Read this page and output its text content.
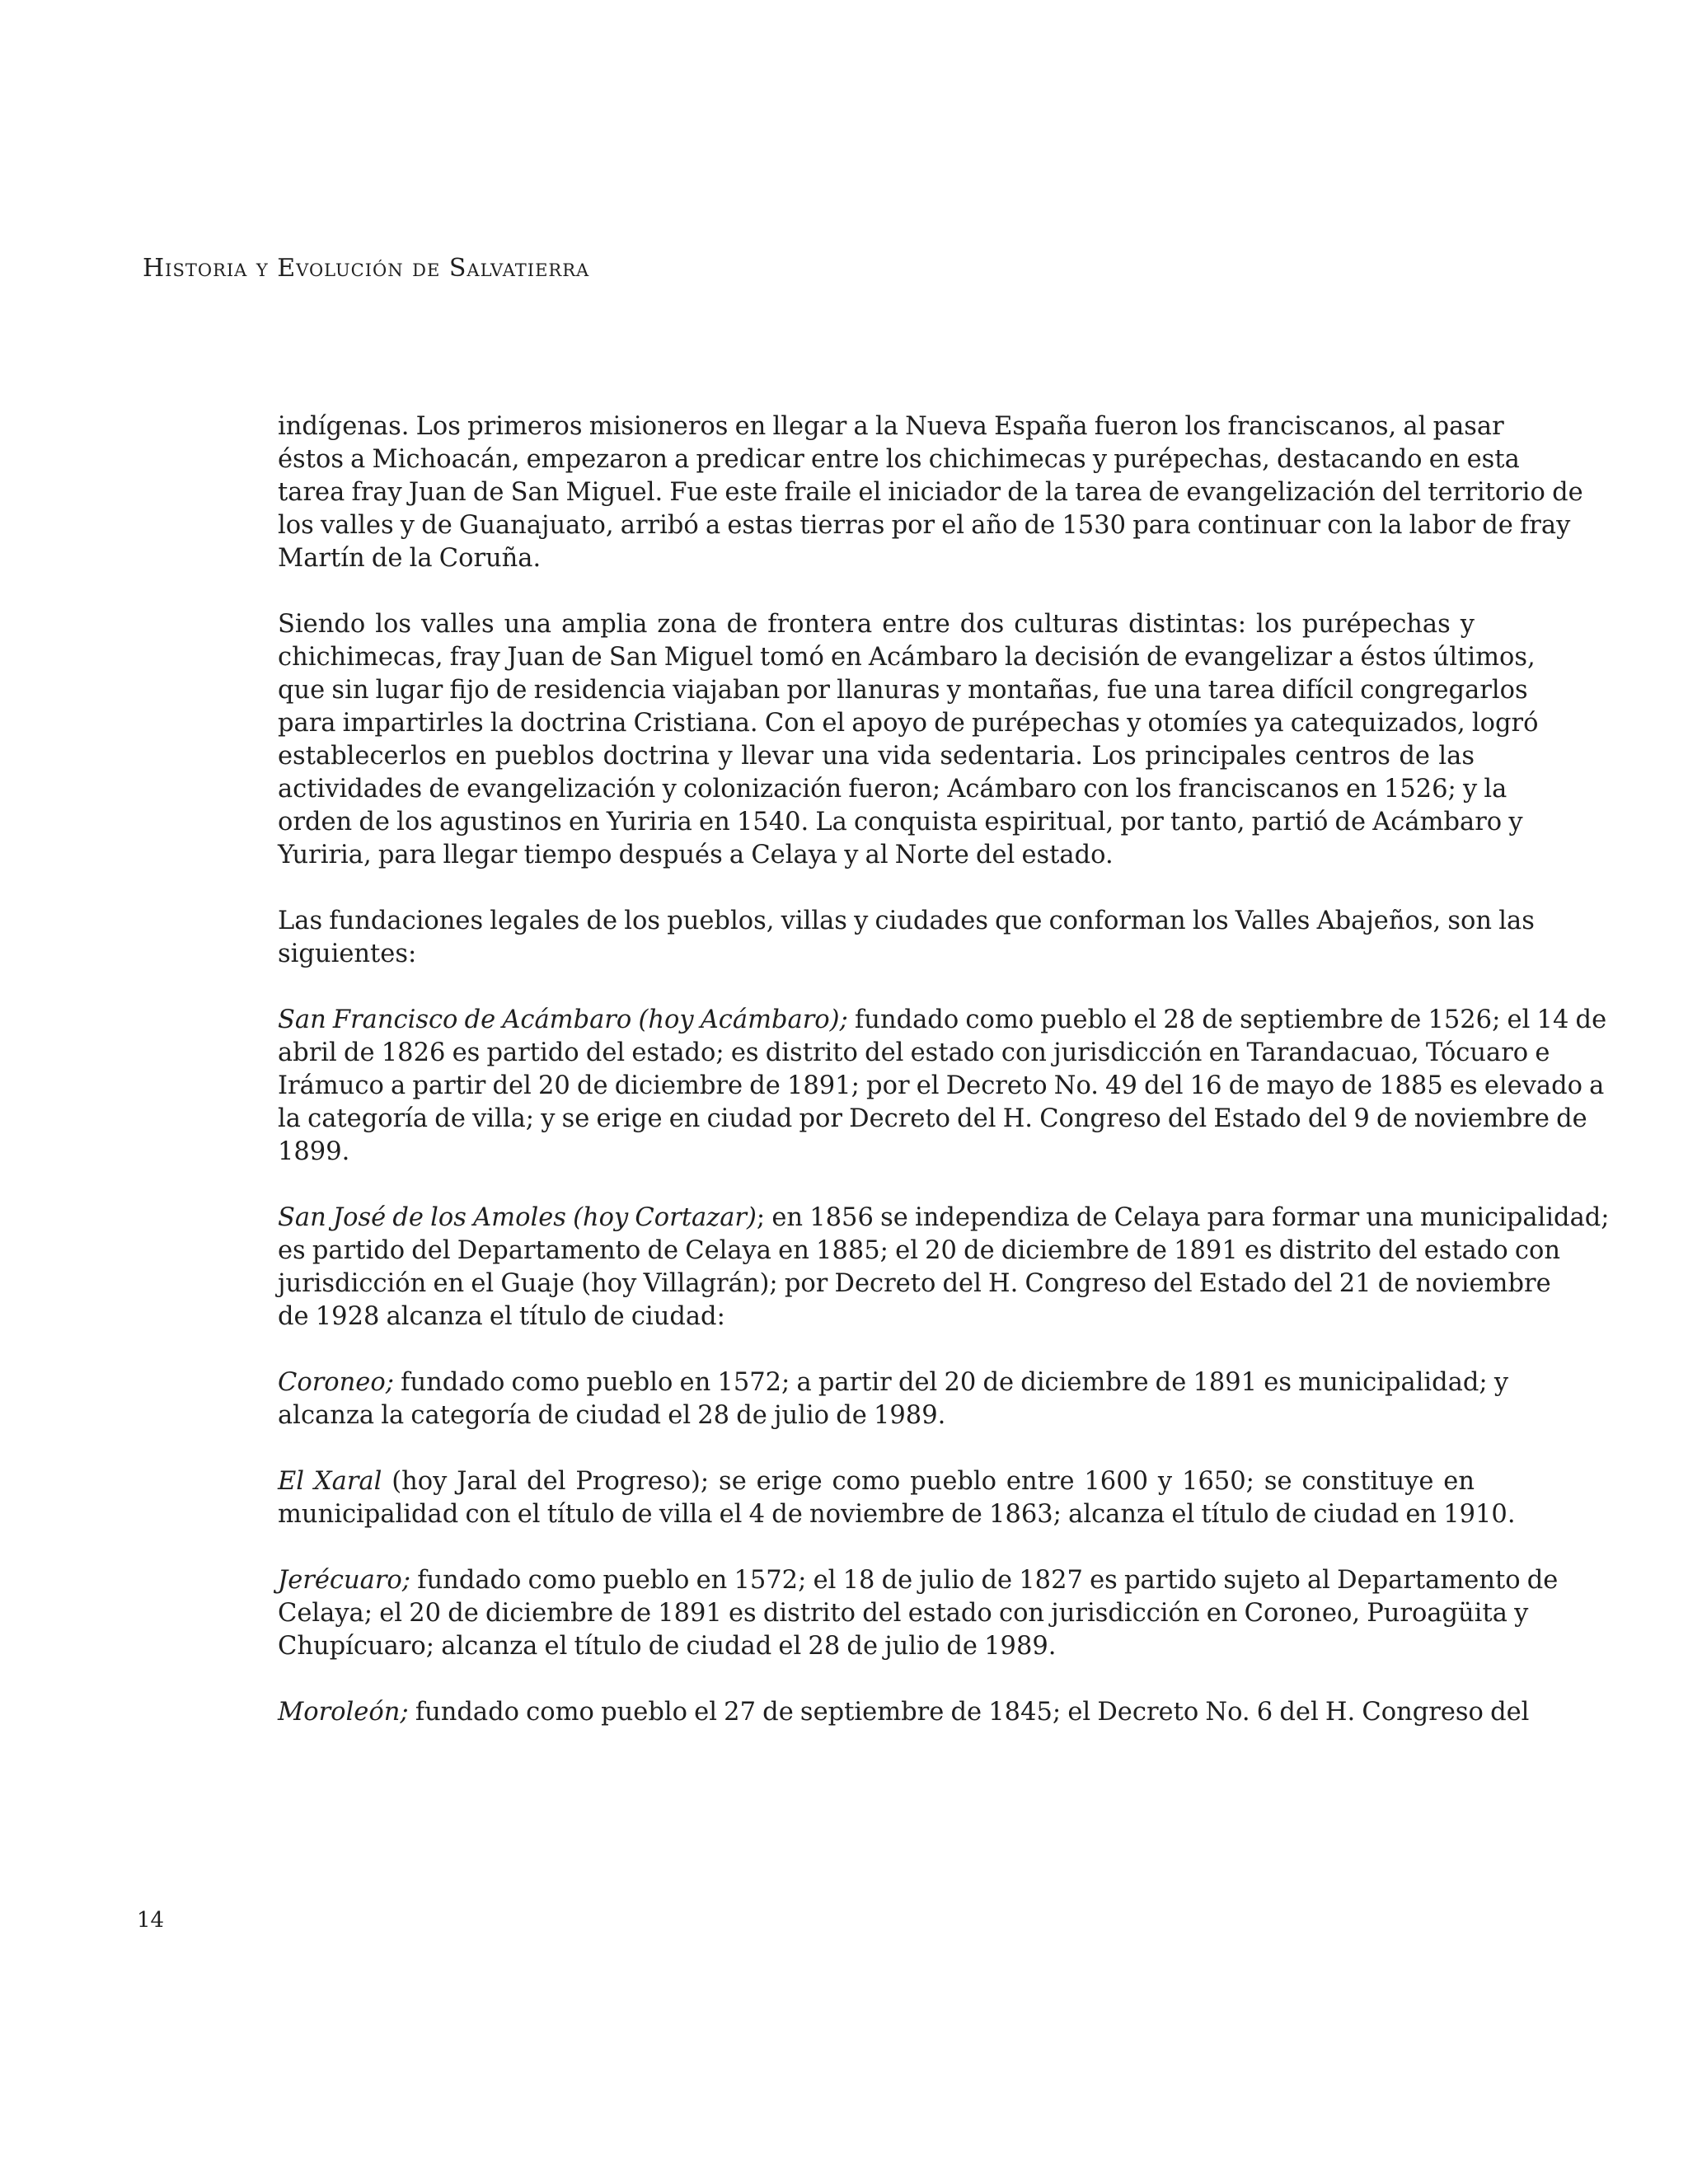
Historia y Evolución de Salvatierra
indígenas. Los primeros misioneros en llegar a la Nueva España fueron los franciscanos, al pasar
éstos a Michoacán, empezaron a predicar entre los chichimecas y purépechas, destacando en esta
tarea fray Juan de San Miguel. Fue este fraile el iniciador de la tarea de evangelización del territorio de
los valles y de Guanajuato, arribó a estas tierras por el año de 1530 para continuar con la labor de fray
Martín de la Coruña.
Siendo los valles una amplia zona de frontera entre dos culturas distintas: los purépechas y
chichimecas, fray Juan de San Miguel tomó en Acámbaro la decisión de evangelizar a éstos últimos,
que sin lugar fijo de residencia viajaban por llanuras y montañas, fue una tarea difícil congregarlos
para impartirles la doctrina Cristiana. Con el apoyo de purépechas y otomíes ya catequizados, logró
establecerlos en pueblos doctrina y llevar una vida sedentaria. Los principales centros de las
actividades de evangelización y colonización fueron; Acámbaro con los franciscanos en 1526; y la
orden de los agustinos en Yuriria en 1540. La conquista espiritual, por tanto, partió de Acámbaro y
Yuriria, para llegar tiempo después a Celaya y al Norte del estado.
Las fundaciones legales de los pueblos, villas y ciudades que conforman los Valles Abajeños, son las
siguientes:
San Francisco de Acámbaro (hoy Acámbaro); fundado como pueblo el 28 de septiembre de 1526; el 14 de
abril de 1826 es partido del estado; es distrito del estado con jurisdicción en Tarandacuao, Tócuaro e
Irámuco a partir del 20 de diciembre de 1891; por el Decreto No. 49 del 16 de mayo de 1885 es elevado a
la categoría de villa; y se erige en ciudad por Decreto del H. Congreso del Estado del 9 de noviembre de
1899.
San José de los Amoles (hoy Cortazar); en 1856 se independiza de Celaya para formar una municipalidad;
es partido del Departamento de Celaya en 1885; el 20 de diciembre de 1891 es distrito del estado con
jurisdicción en el Guaje (hoy Villagrán); por Decreto del H. Congreso del Estado del 21 de noviembre
de 1928 alcanza el título de ciudad:
Coroneo; fundado como pueblo en 1572; a partir del 20 de diciembre de 1891 es municipalidad; y
alcanza la categoría de ciudad el 28 de julio de 1989.
El Xaral (hoy Jaral del Progreso); se erige como pueblo entre 1600 y 1650; se constituye en
municipalidad con el título de villa el 4 de noviembre de 1863; alcanza el título de ciudad en 1910.
Jerécuaro; fundado como pueblo en 1572; el 18 de julio de 1827 es partido sujeto al Departamento de
Celaya; el 20 de diciembre de 1891 es distrito del estado con jurisdicción en Coroneo, Puroagüita y
Chupícuaro; alcanza el título de ciudad el 28 de julio de 1989.
Moroleón; fundado como pueblo el 27 de septiembre de 1845; el Decreto No. 6 del H. Congreso del
14
